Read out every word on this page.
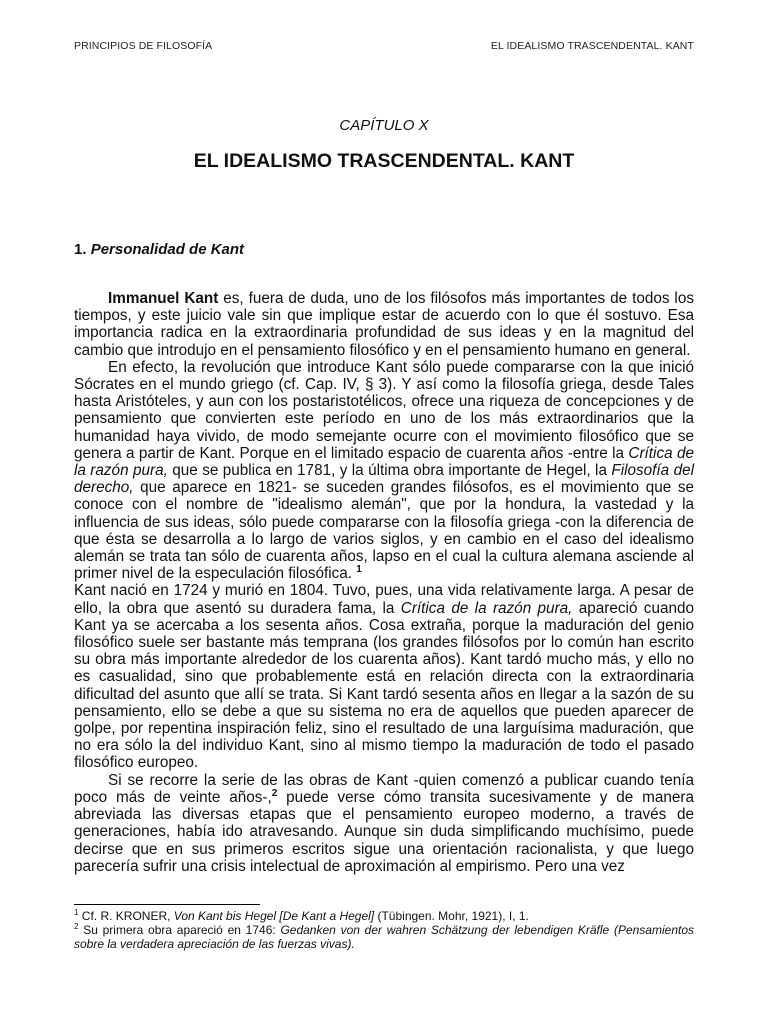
PRINCIPIOS DE FILOSOFÍA	EL IDEALISMO TRASCENDENTAL. KANT
CAPÍTULO X
EL IDEALISMO TRASCENDENTAL. KANT
1. Personalidad de Kant

Immanuel Kant es, fuera de duda, uno de los filósofos más importantes de todos los tiempos, y este juicio vale sin que implique estar de acuerdo con lo que él sostuvo. Esa importancia radica en la extraordinaria profundidad de sus ideas y en la magnitud del cambio que introdujo en el pensamiento filosófico y en el pensamiento humano en general.

En efecto, la revolución que introduce Kant sólo puede compararse con la que inició Sócrates en el mundo griego (cf. Cap. IV, § 3). Y así como la filosofía griega, desde Tales hasta Aristóteles, y aun con los postaristotélicos, ofrece una riqueza de concepciones y de pensamiento que convierten este período en uno de los más extraordinarios que la humanidad haya vivido, de modo semejante ocurre con el movimiento filosófico que se genera a partir de Kant. Porque en el limitado espacio de cuarenta años -entre la Crítica de la razón pura, que se publica en 1781, y la última obra importante de Hegel, la Filosofía del derecho, que aparece en 1821- se suceden grandes filósofos, es el movimiento que se conoce con el nombre de "idealismo alemán", que por la hondura, la vastedad y la influencia de sus ideas, sólo puede compararse con la filosofía griega -con la diferencia de que ésta se desarrolla a lo largo de varios siglos, y en cambio en el caso del idealismo alemán se trata tan sólo de cuarenta años, lapso en el cual la cultura alemana asciende al primer nivel de la especulación filosófica. $^1$

Kant nació en 1724 y murió en 1804. Tuvo, pues, una vida relativamente larga. A pesar de ello, la obra que asentó su duradera fama, la Crítica de la razón pura, apareció cuando Kant ya se acercaba a los sesenta años. Cosa extraña, porque la maduración del genio filosófico suele ser bastante más temprana (los grandes filósofos por lo común han escrito su obra más importante alrededor de los cuarenta años). Kant tardó mucho más, y ello no es casualidad, sino que probablemente está en relación directa con la extraordinaria dificultad del asunto que allí se trata. Si Kant tardó sesenta años en llegar a la sazón de su pensamiento, ello se debe a que su sistema no era de aquellos que pueden aparecer de golpe, por repentina inspiración feliz, sino el resultado de una larguísima maduración, que no era sólo la del individuo Kant, sino al mismo tiempo la maduración de todo el pasado filosófico europeo.

Si se recorre la serie de las obras de Kant -quien comenzó a publicar cuando tenía poco más de veinte años-,$^2$ puede verse cómo transita sucesivamente y de manera abreviada las diversas etapas que el pensamiento europeo moderno, a través de generaciones, había ido atravesando. Aunque sin duda simplificando muchísimo, puede decirse que en sus primeros escritos sigue una orientación racionalista, y que luego parecería sufrir una crisis intelectual de aproximación al empirismo. Pero una vez

$^1$ Cf. R. KRONER, Von Kant bis Hegel [De Kant a Hegel] (Tübingen. Mohr, 1921), I, 1.

$^2$ Su primera obra apareció en 1746: Gedanken von der wahren Schätzung der lebendigen Kräfle (Pensamientos sobre la verdadera apreciación de las fuerzas vivas).
